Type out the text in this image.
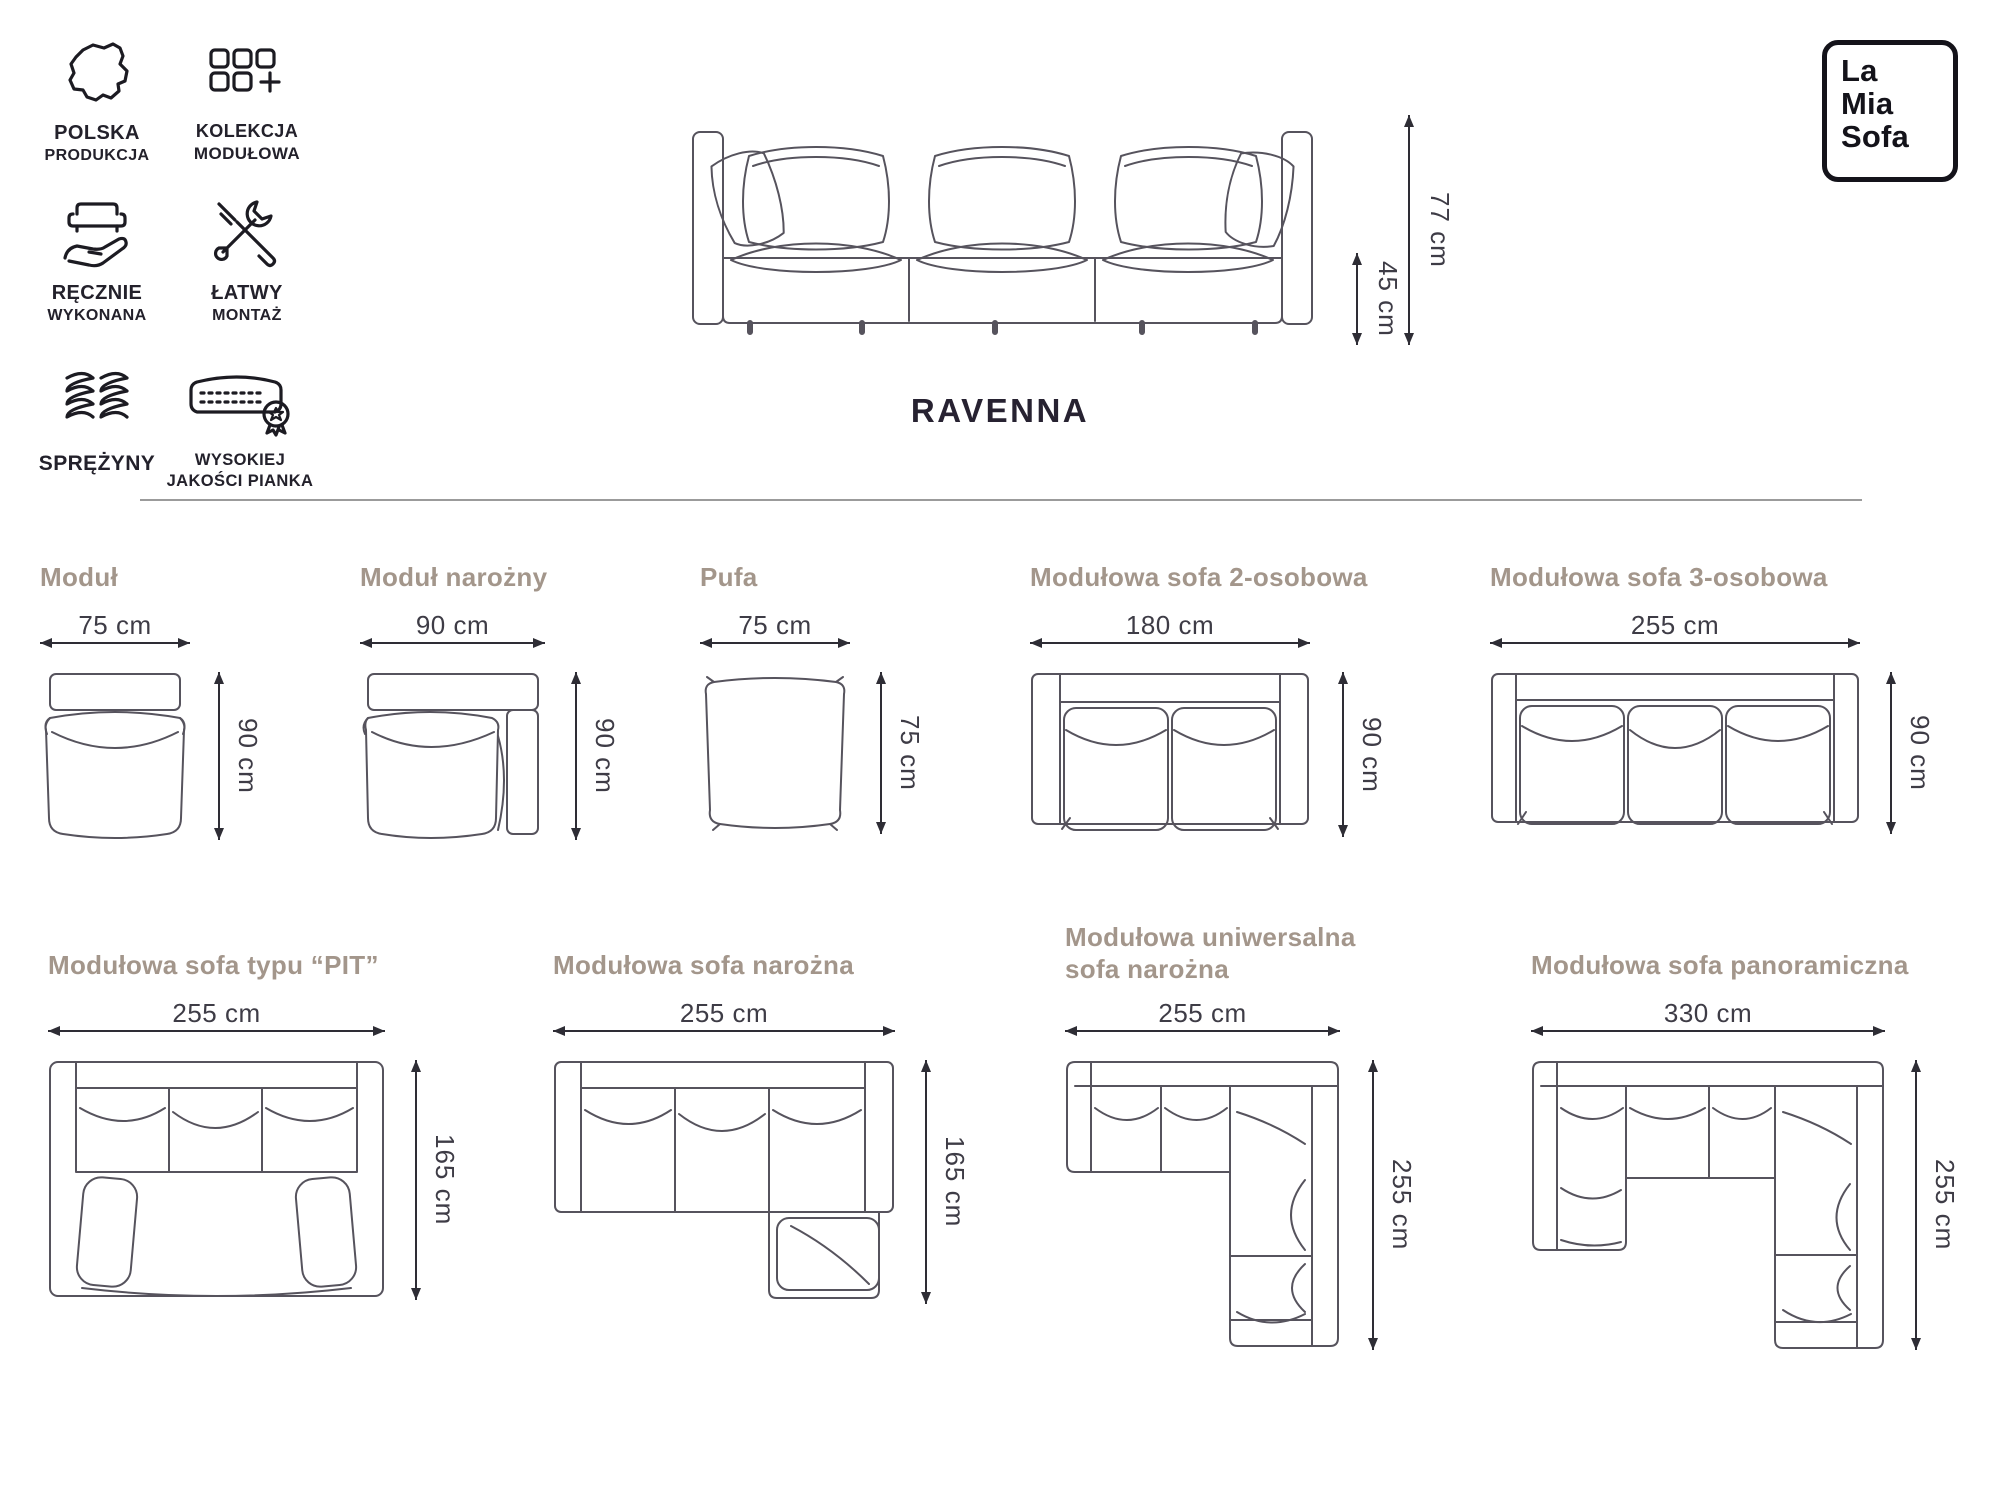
POLSKA
PRODUKCJA
KOLEKCJA
MODUŁOWA
RĘCZNIE
WYKONANA
ŁATWY
MONTAŻ
SPRĘŻYNY	WYSOKIEJ
JAKOŚCI PIANKA
45 cm
77 cm
La
Mia
Sofa
RAVENNA
Moduł
75 cm
90 cm
Moduł narożny
90 cm
90 cm
Pufa
75 cm
75 cm
Modułowa sofa 2-osobowa
180 cm
90 cm
Modułowa sofa 3-osobowa
255 cm
90 cm
Modułowa sofa typu “PIT”
255 cm
165 cm
Modułowa sofa narożna
255 cm
165 cm
Modułowa uniwersalna
sofa narożna
255 cm
255 cm
Modułowa sofa panoramiczna
330 cm
255 cm
